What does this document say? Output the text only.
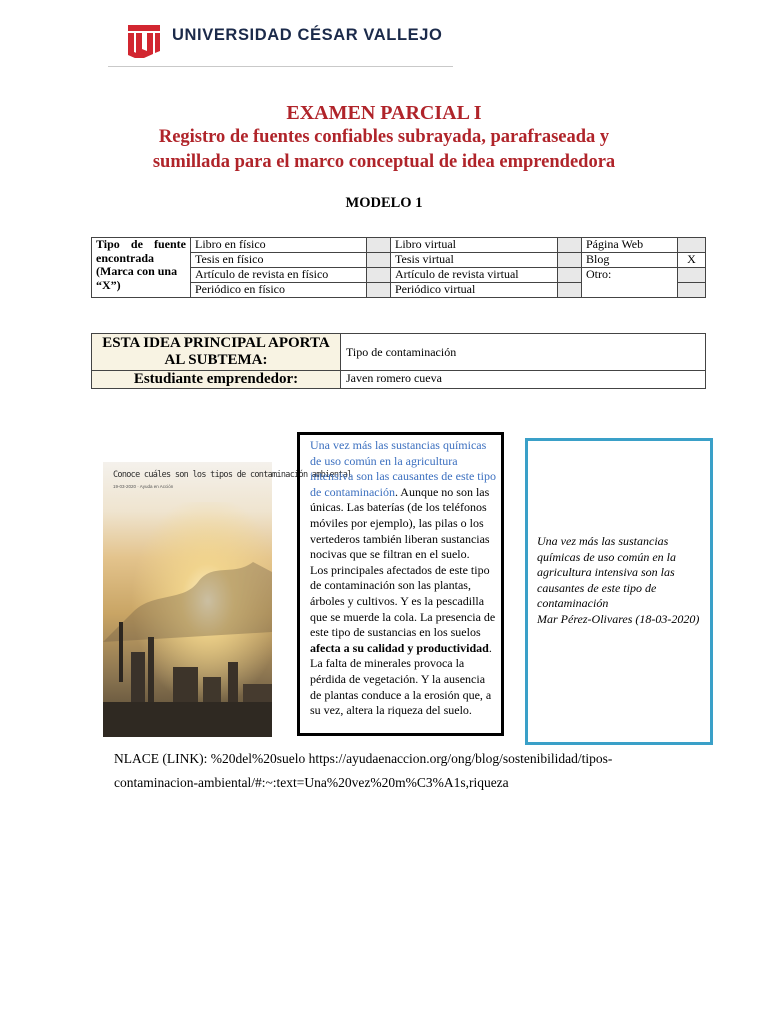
UNIVERSIDAD CÉSAR VALLEJO
EXAMEN PARCIAL I
Registro de fuentes confiables subrayada, parafraseada y
sumillada para el marco conceptual de idea emprendedora
MODELO 1
Tipo de fuente
encontrada
(Marca con una
“X”)	Libro en físico		Libro virtual		Página Web	
	Tesis en físico		Tesis virtual		Blog	X
	Artículo de revista en físico		Artículo de revista virtual		Otro:	
	Periódico en físico		Periódico virtual			
ESTA IDEA PRINCIPAL APORTA AL SUBTEMA:	Tipo de contaminación
Estudiante emprendedor:	Javen romero cueva
Conoce cuáles son los tipos de contaminación ambiental
19-03-2020 · Ayuda en Acción
Una vez más las sustancias químicas de uso común en la agricultura intensiva son las causantes de este tipo de contaminación. Aunque no son las únicas. Las baterías (de los teléfonos móviles por ejemplo), las pilas o los vertederos también liberan sustancias nocivas que se filtran en el suelo.
Los principales afectados de este tipo de contaminación son las plantas, árboles y cultivos. Y es la pescadilla que se muerde la cola. La presencia de este tipo de sustancias en los suelos afecta a su calidad y productividad. La falta de minerales provoca la pérdida de vegetación. Y la ausencia de plantas conduce a la erosión que, a su vez, altera la riqueza del suelo.
Una vez más las sustancias químicas de uso común en la agricultura intensiva son las causantes de este tipo de contaminación
Mar Pérez-Olivares (18-03-2020)
NLACE (LINK): %20del%20suelo https://ayudaenaccion.org/ong/blog/sostenibilidad/tipos-
contaminacion-ambiental/#:~:text=Una%20vez%20m%C3%A1s,riqueza
